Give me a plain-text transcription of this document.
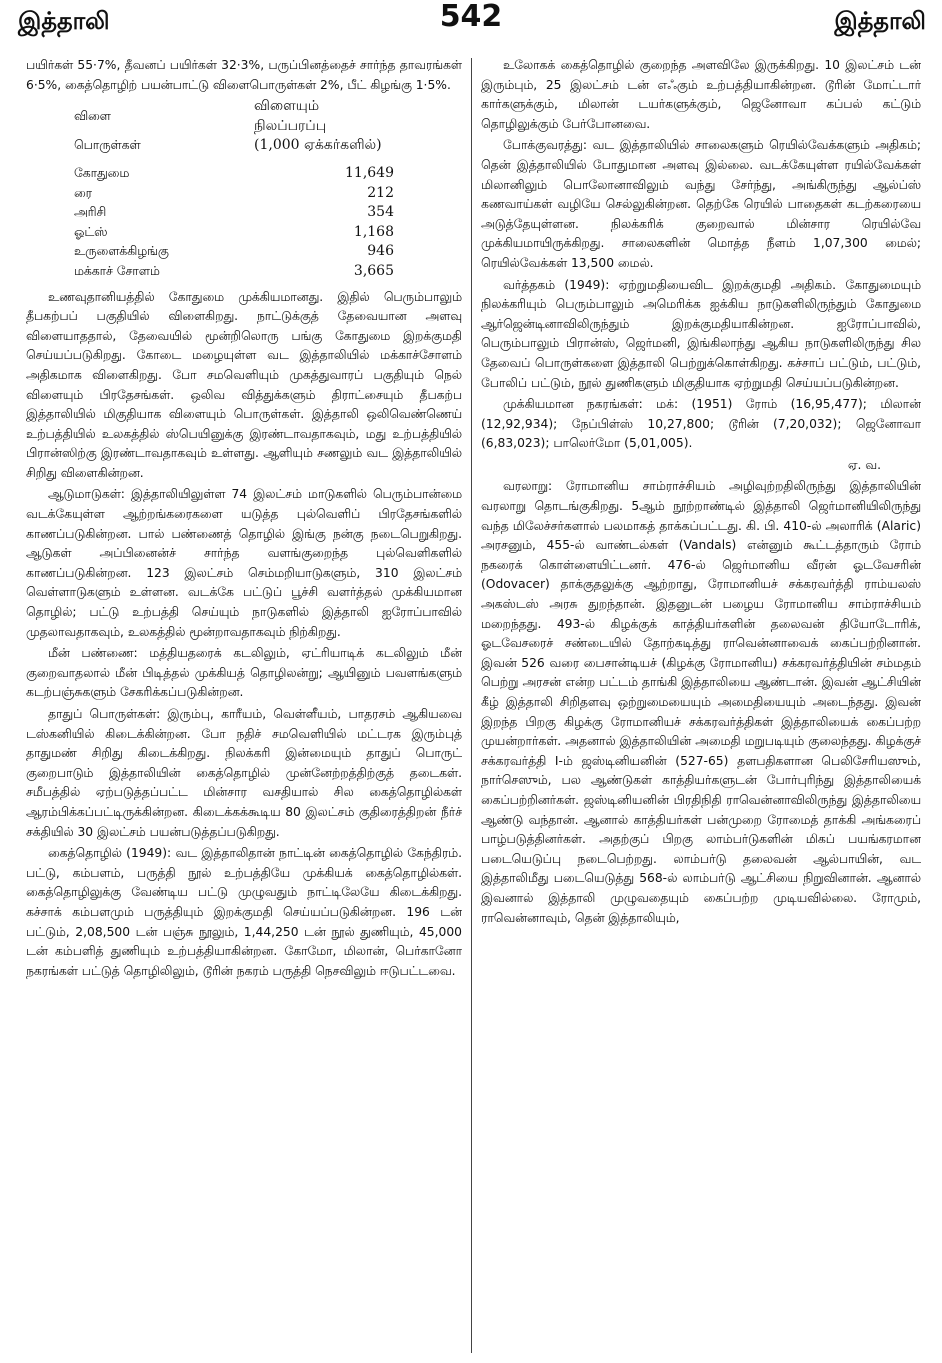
இத்தாலி	542	இத்தாலி

பயிர்கள் 55·7%, தீவனப் பயிர்கள் 32·3%, பருப்பினத்தைச் சார்ந்த தாவரங்கள் 6·5%, கைத்தொழிற் பயன்பாட்டு விளைபொருள்கள் 2%, பீட் கிழங்கு 1·5%.

விளை	விளையும் நிலப்பரப்பு
பொருள்கள்	(1,000 ஏக்கர்களில்)

கோதுமை	11,649
ரை	212
அரிசி	354
ஓட்ஸ்	1,168
உருளைக்கிழங்கு	946
மக்காச் சோளம்	3,665

உணவுதானியத்தில் கோதுமை முக்கியமானது. இதில் பெரும்பாலும் தீபகற்பப் பகுதியில் விளைகிறது. நாட்டுக்குத் தேவையான அளவு விளையாததால், தேவையில் மூன்றிலொரு பங்கு கோதுமை இறக்குமதி செய்யப்படுகிறது. கோடை மழையுள்ள வட இத்தாலியில் மக்காச்சோளம் அதிகமாக விளைகிறது. போ சமவெளியும் முகத்துவாரப் பகுதியும் நெல் விளையும் பிரதேசங்கள். ஒலிவ வித்துக்களும் திராட்சையும் தீபகற்ப இத்தாலியில் மிகுதியாக விளையும் பொருள்கள். இத்தாலி ஒலிவெண்ணெய் உற்பத்தியில் உலகத்தில் ஸ்பெயினுக்கு இரண்டாவதாகவும், மது உற்பத்தியில் பிரான்ஸிற்கு இரண்டாவதாகவும் உள்ளது. ஆளியும் சணலும் வட இத்தாலியில் சிறிது விளைகின்றன.

ஆடுமாடுகள்: இத்தாலியிலுள்ள 74 இலட்சம் மாடுகளில் பெரும்பான்மை வடக்கேயுள்ள ஆற்றங்கரைகளை யடுத்த புல்வெளிப் பிரதேசங்களில் காணப்படுகின்றன. பால் பண்ணைத் தொழில் இங்கு நன்கு நடைபெறுகிறது. ஆடுகள் அப்பினைன்ச் சார்ந்த வளங்குறைந்த புல்வெளிகளில் காணப்படுகின்றன. 123 இலட்சம் செம்மறியாடுகளும், 310 இலட்சம் வெள்ளாடுகளும் உள்ளன. வடக்கே பட்டுப் பூச்சி வளர்த்தல் முக்கியமான தொழில்; பட்டு உற்பத்தி செய்யும் நாடுகளில் இத்தாலி ஐரோப்பாவில் முதலாவதாகவும், உலகத்தில் மூன்றாவதாகவும் நிற்கிறது.

மீன் பண்ணை: மத்தியதரைக் கடலிலும், ஏட்ரியாடிக் கடலிலும் மீன் குறைவாதலால் மீன் பிடித்தல் முக்கியத் தொழிலன்று; ஆயினும் பவளங்களும் கடற்பஞ்சுகளும் சேகரிக்கப்படுகின்றன.

தாதுப் பொருள்கள்: இரும்பு, காரீயம், வெள்ளீயம், பாதரசம் ஆகியவை டஸ்கனியில் கிடைக்கின்றன. போ நதிச் சமவெளியில் மட்டரக இரும்புத் தாதுமண் சிறிது கிடைக்கிறது. நிலக்கரி இன்மையும் தாதுப் பொருட் குறைபாடும் இத்தாலியின் கைத்தொழில் முன்னேற்றத்திற்குத் தடைகள். சமீபத்தில் ஏற்படுத்தப்பட்ட மின்சார வசதியால் சில கைத்தொழில்கள் ஆரம்பிக்கப்பட்டிருக்கின்றன. கிடைக்கக்கூடிய 80 இலட்சம் குதிரைத்திறன் நீர்ச் சக்தியில் 30 இலட்சம் பயன்படுத்தப்படுகிறது.

கைத்தொழில் (1949): வட இத்தாலிதான் நாட்டின் கைத்தொழில் கேந்திரம். பட்டு, கம்பளம், பருத்தி நூல் உற்பத்தியே முக்கியக் கைத்தொழில்கள். கைத்தொழிலுக்கு வேண்டிய பட்டு முழுவதும் நாட்டிலேயே கிடைக்கிறது. கச்சாக் கம்பளமும் பருத்தியும் இறக்குமதி செய்யப்படுகின்றன. 196 டன் பட்டும், 2,08,500 டன் பஞ்சு நூலும், 1,44,250 டன் நூல் துணியும், 45,000 டன் கம்பளித் துணியும் உற்பத்தியாகின்றன. கோமோ, மிலான், பெர்கானோ நகரங்கள் பட்டுத் தொழிலிலும், டூரின் நகரம் பருத்தி நெசவிலும் ஈடுபட்டவை.

உலோகக் கைத்தொழில் குறைந்த அளவிலே இருக்கிறது. 10 இலட்சம் டன் இரும்பும், 25 இலட்சம் டன் எஃகும் உற்பத்தியாகின்றன. டூரின் மோட்டார் கார்களுக்கும், மிலான் டயர்களுக்கும், ஜெனோவா கப்பல் கட்டும் தொழிலுக்கும் பேர்போனவை.

போக்குவரத்து: வட இத்தாலியில் சாலைகளும் ரெயில்வேக்களும் அதிகம்; தென் இத்தாலியில் போதுமான அளவு இல்லை. வடக்கேயுள்ள ரயில்வேக்கள் மிலானிலும் பொலோனாவிலும் வந்து சேர்ந்து, அங்கிருந்து ஆல்ப்ஸ் கணவாய்கள் வழியே செல்லுகின்றன. தெற்கே ரெயில் பாதைகள் கடற்கரையை அடுத்தேயுள்ளன. நிலக்கரிக் குறைவால் மின்சார ரெயில்வே முக்கியமாயிருக்கிறது. சாலைகளின் மொத்த நீளம் 1,07,300 மைல்; ரெயில்வேக்கள் 13,500 மைல்.

வர்த்தகம் (1949): ஏற்றுமதியைவிட இறக்குமதி அதிகம். கோதுமையும் நிலக்கரியும் பெரும்பாலும் அமெரிக்க ஐக்கிய நாடுகளிலிருந்தும் கோதுமை ஆர்ஜென்டினாவிலிருந்தும் இறக்குமதியாகின்றன. ஐரோப்பாவில், பெரும்பாலும் பிரான்ஸ், ஜெர்மனி, இங்கிலாந்து ஆகிய நாடுகளிலிருந்து சில தேவைப் பொருள்களை இத்தாலி பெற்றுக்கொள்கிறது. கச்சாப் பட்டும், பட்டும், போலிப் பட்டும், நூல் துணிகளும் மிகுதியாக ஏற்றுமதி செய்யப்படுகின்றன.

முக்கியமான நகரங்கள்: மக்: (1951) ரோம் (16,95,477); மிலான் (12,92,934); நேப்பிள்ஸ் 10,27,800; டூரின் (7,20,032); ஜெனோவா (6,83,023); பாலெர்மோ (5,01,005).

ஏ. வ.

வரலாறு: ரோமானிய சாம்ராச்சியம் அழிவுற்றதிலிருந்து இத்தாலியின் வரலாறு தொடங்குகிறது. 5ஆம் நூற்றாண்டில் இத்தாலி ஜெர்மானியிலிருந்து வந்த மிலேச்சர்களால் பலமாகத் தாக்கப்பட்டது. கி. பி. 410-ல் அலாரிக் (Alaric) அரசனும், 455-ல் வாண்டல்கள் (Vandals) என்னும் கூட்டத்தாரும் ரோம் நகரைக் கொள்ளையிட்டனர். 476-ல் ஜெர்மானிய வீரன் ஓடவேசரின் (Odovacer) தாக்குதலுக்கு ஆற்றாது, ரோமானியச் சக்கரவர்த்தி ராம்யலஸ் அகஸ்டஸ் அரசு துறந்தான். இதனுடன் பழைய ரோமானிய சாம்ராச்சியம் மறைந்தது. 493-ல் கிழக்குக் காத்தியர்களின் தலைவன் தியோடோரிக், ஓடவேசரைச் சண்டையில் தோற்கடித்து ராவென்னாவைக் கைப்பற்றினான். இவன் 526 வரை பைசான்டியச் (கிழக்கு ரோமானிய) சக்கரவர்த்தியின் சம்மதம் பெற்று அரசன் என்ற பட்டம் தாங்கி இத்தாலியை ஆண்டான். இவன் ஆட்சியின் கீழ் இத்தாலி சிறிதளவு ஒற்றுமையையும் அமைதியையும் அடைந்தது. இவன் இறந்த பிறகு கிழக்கு ரோமானியச் சக்கரவர்த்திகள் இத்தாலியைக் கைப்பற்ற முயன்றார்கள். அதனால் இத்தாலியின் அமைதி மறுபடியும் குலைந்தது. கிழக்குச் சக்கரவர்த்தி I-ம் ஜஸ்டினியனின் (527-65) தளபதிகளான பெலிசேரியஸும், நார்செஸும், பல ஆண்டுகள் காத்தியர்களுடன் போர்புரிந்து இத்தாலியைக் கைப்பற்றினர்கள். ஜஸ்டினியனின் பிரதிநிதி ராவென்னாவிலிருந்து இத்தாலியை ஆண்டு வந்தான். ஆனால் காத்தியர்கள் பன்முறை ரோமைத் தாக்கி அங்கரைப் பாழ்படுத்தினர்கள். அதற்குப் பிறகு லாம்பர்டுகளின் மிகப் பயங்கரமான படையெடுப்பு நடைபெற்றது. லாம்பர்டு தலைவன் ஆல்பாயின், வட இத்தாலிமீது படையெடுத்து 568-ல் லாம்பர்டு ஆட்சியை நிறுவினான். ஆனால் இவனால் இத்தாலி முழுவதையும் கைப்பற்ற முடியவில்லை. ரோமும், ராவென்னாவும், தென் இத்தாலியும்,
